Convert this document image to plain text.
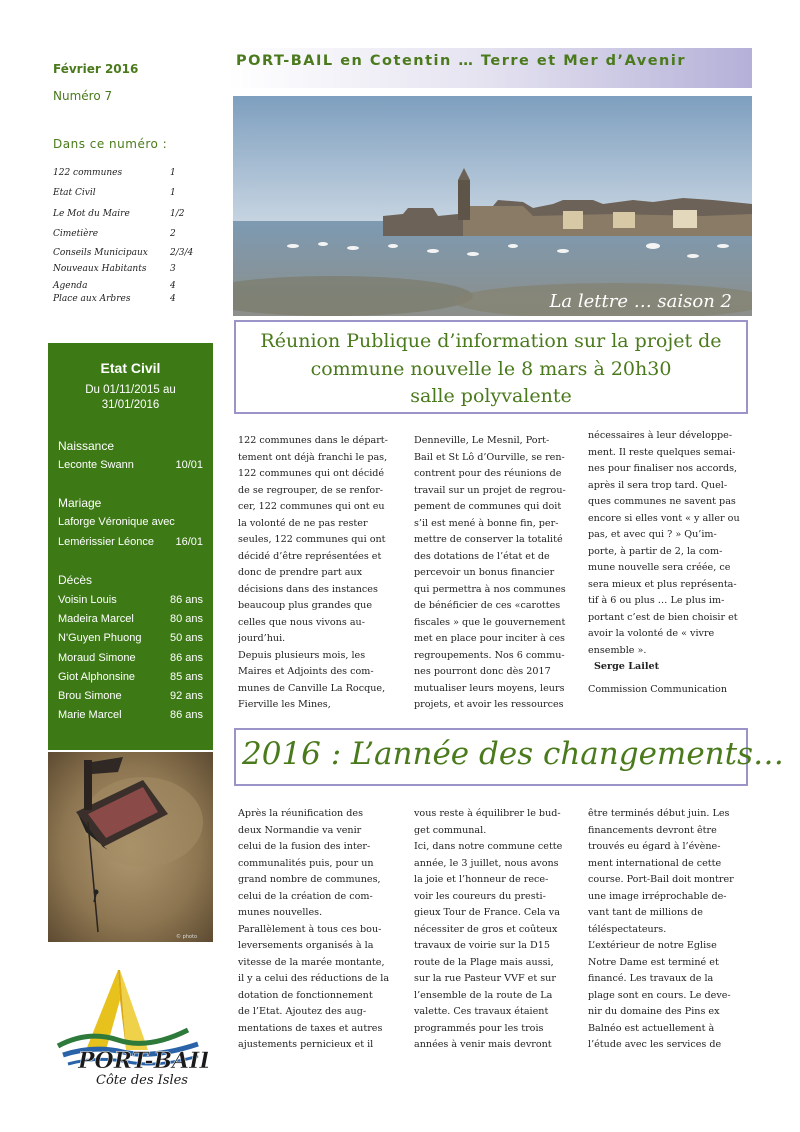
Février 2016
Numéro 7
Dans ce numéro :
122 communes	1
Etat Civil	1
Le Mot du Maire	1/2
Cimetière	2
Conseils Municipaux 2/3/4
Nouveaux Habitants	3
Agenda	4
Place aux Arbres	4
Etat Civil
Du 01/11/2015 au 31/01/2016
Naissance
Mariage
Décès
Leconte Swann	10/01
Laforge Véronique avec
Lemérissier Léonce 16/01
Voisin Louis	86 ans
Madeira Marcel	80 ans
N'Guyen Phuong	50 ans
Moraud Simone	86 ans
Giot Alphonsine	85 ans
Brou Simone	92 ans
Marie Marcel	86 ans
© photo
PORT-BAIL
Côte des Isles
PORT-BAIL en Cotentin … Terre et Mer d’Avenir
La lettre … saison 2
Réunion Publique d’information sur la projet de
commune nouvelle le 8 mars à 20h30
salle polyvalente
122 communes dans le départ-
tement ont déjà franchi le pas,
122 communes qui ont décidé
de se regrouper, de se renfor-
cer, 122 communes qui ont eu
la volonté de ne pas rester
seules, 122 communes qui ont
décidé d’être représentées et
donc de prendre part aux
décisions dans des instances
beaucoup plus grandes que
celles que nous vivons au-
jourd’hui.
Depuis plusieurs mois, les
Maires et Adjoints des com-
munes de Canville La Rocque,
Fierville les Mines,
Denneville, Le Mesnil, Port-
Bail et St Lô d’Ourville, se ren-
contrent pour des réunions de
travail sur un projet de regrou-
pement de communes qui doit
s’il est mené à bonne fin, per-
mettre de conserver la totalité
des dotations de l’état et de
percevoir un bonus financier
qui permettra à nos communes
de bénéficier de ces «carottes
fiscales » que le gouvernement
met en place pour inciter à ces
regroupements. Nos 6 commu-
nes pourront donc dès 2017
mutualiser leurs moyens, leurs
projets, et avoir les ressources
nécessaires à leur développe-
ment. Il reste quelques semai-
nes pour finaliser nos accords,
après il sera trop tard. Quel-
ques communes ne savent pas
encore si elles vont « y aller ou
pas, et avec qui ? » Qu’im-
porte, à partir de 2, la com-
mune nouvelle sera créée, ce
sera mieux et plus représenta-
tif à 6 ou plus … Le plus im-
portant c’est de bien choisir et
avoir la volonté de « vivre
ensemble ».
Serge Lailet
Commission Communication
2016 : L’année des changements…
Après la réunification des
deux Normandie va venir
celui de la fusion des inter-
communalités puis, pour un
grand nombre de communes,
celui de la création de com-
munes nouvelles.
Parallèlement à tous ces bou-
leversements organisés à la
vitesse de la marée montante,
il y a celui des réductions de la
dotation de fonctionnement
de l’Etat. Ajoutez des aug-
mentations de taxes et autres
ajustements pernicieux et il
vous reste à équilibrer le bud-
get communal.
Ici, dans notre commune cette
année, le 3 juillet, nous avons
la joie et l’honneur de rece-
voir les coureurs du presti-
gieux Tour de France. Cela va
nécessiter de gros et coûteux
travaux de voirie sur la D15
route de la Plage mais aussi,
sur la rue Pasteur VVF et sur
l’ensemble de la route de La
valette. Ces travaux étaient
programmés pour les trois
années à venir mais devront
être terminés début juin. Les
financements devront être
trouvés eu égard à l’évène-
ment international de cette
course. Port-Bail doit montrer
une image irréprochable de-
vant tant de millions de
téléspectateurs.
L’extérieur de notre Eglise
Notre Dame est terminé et
financé. Les travaux de la
plage sont en cours. Le deve-
nir du domaine des Pins ex
Balnéo est actuellement à
l’étude avec les services de
